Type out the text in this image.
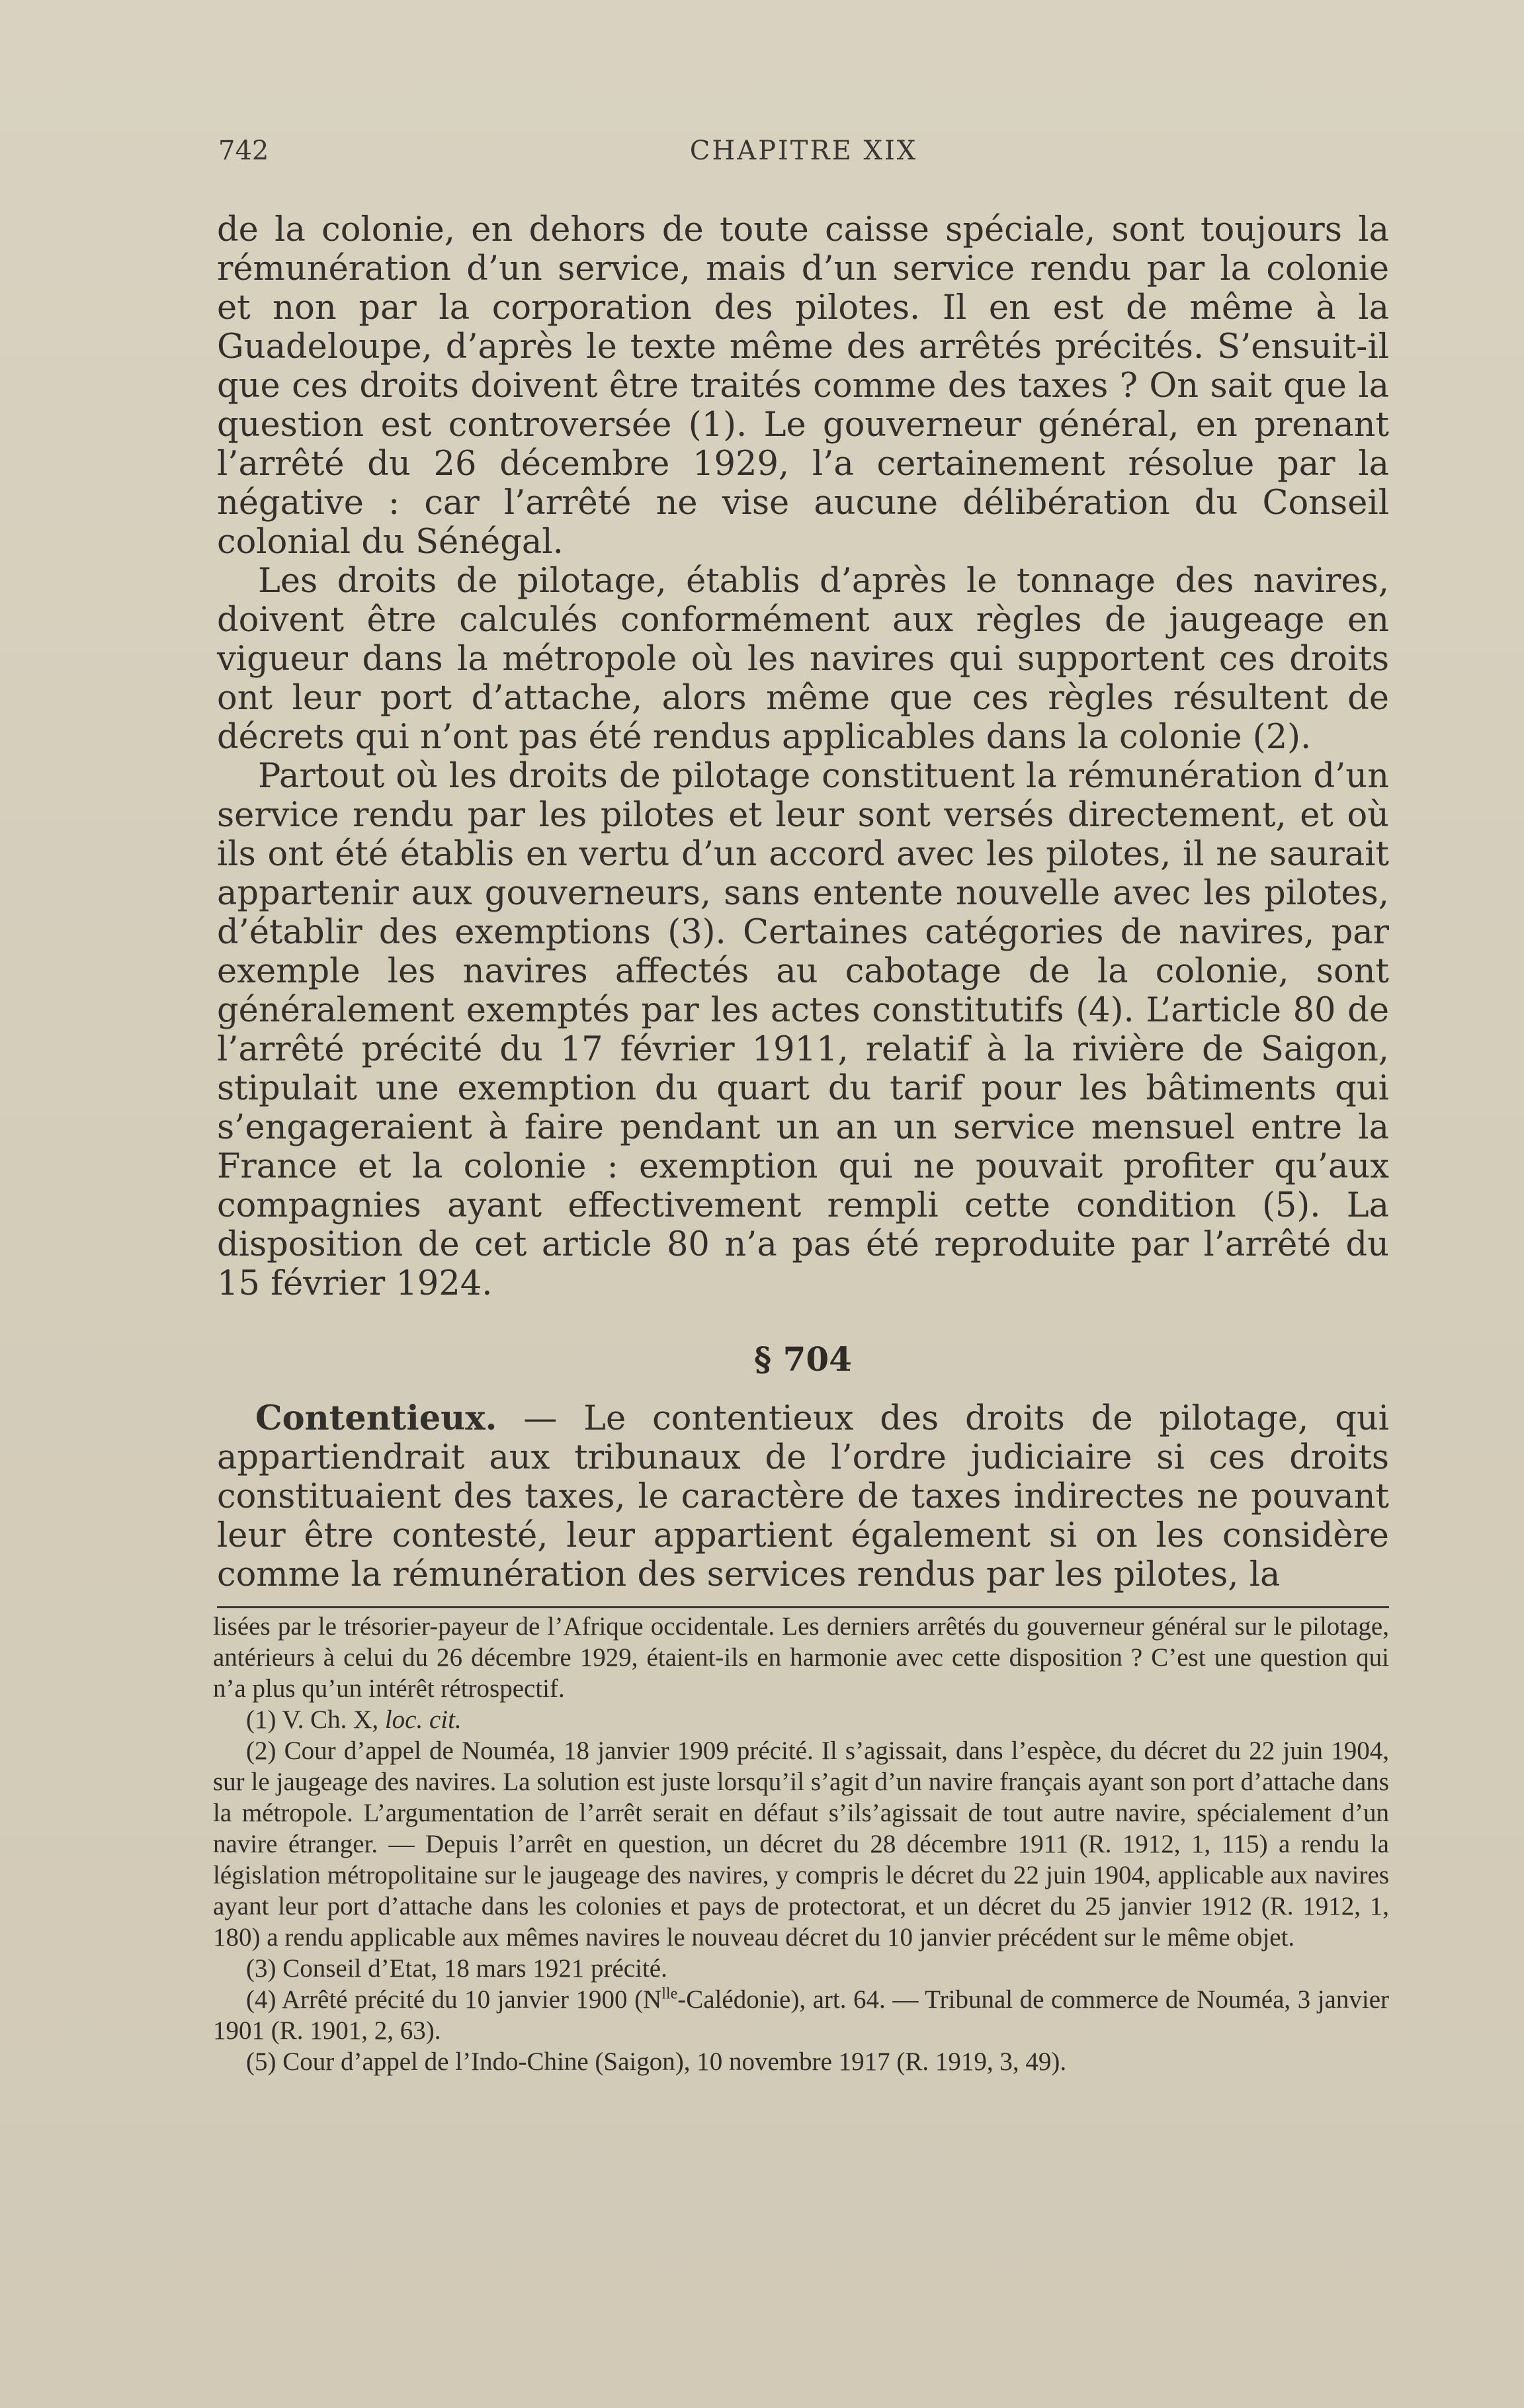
742	CHAPITRE XIX

de la colonie, en dehors de toute caisse spéciale, sont toujours la rémunération d’un service, mais d’un service rendu par la colonie et non par la corporation des pilotes. Il en est de même à la Guadeloupe, d’après le texte même des arrêtés précités. S’ensuit-il que ces droits doivent être traités comme des taxes ? On sait que la question est controversée (1). Le gouverneur général, en prenant l’arrêté du 26 décembre 1929, l’a certainement résolue par la négative : car l’arrêté ne vise aucune délibération du Conseil colonial du Sénégal.

Les droits de pilotage, établis d’après le tonnage des navires, doivent être calculés conformément aux règles de jaugeage en vigueur dans la métropole où les navires qui supportent ces droits ont leur port d’attache, alors même que ces règles résultent de décrets qui n’ont pas été rendus applicables dans la colonie (2).

Partout où les droits de pilotage constituent la rémunération d’un service rendu par les pilotes et leur sont versés directement, et où ils ont été établis en vertu d’un accord avec les pilotes, il ne saurait appartenir aux gouverneurs, sans entente nouvelle avec les pilotes, d’établir des exemptions (3). Certaines catégories de navires, par exemple les navires affectés au cabotage de la colonie, sont généralement exemptés par les actes constitutifs (4). L’article 80 de l’arrêté précité du 17 février 1911, relatif à la rivière de Saigon, stipulait une exemption du quart du tarif pour les bâtiments qui s’engageraient à faire pendant un an un service mensuel entre la France et la colonie : exemption qui ne pouvait profiter qu’aux compagnies ayant effectivement rempli cette condition (5). La disposition de cet article 80 n’a pas été reproduite par l’arrêté du 15 février 1924.

§ 704

Contentieux. — Le contentieux des droits de pilotage, qui appartiendrait aux tribunaux de l’ordre judiciaire si ces droits constituaient des taxes, le caractère de taxes indirectes ne pouvant leur être contesté, leur appartient également si on les considère comme la rémunération des services rendus par les pilotes, la

lisées par le trésorier-payeur de l’Afrique occidentale. Les derniers arrêtés du gouverneur général sur le pilotage, antérieurs à celui du 26 décembre 1929, étaient-ils en harmonie avec cette disposition ? C’est une question qui n’a plus qu’un intérêt rétrospectif.

(1) V. Ch. X, loc. cit.

(2) Cour d’appel de Nouméa, 18 janvier 1909 précité. Il s’agissait, dans l’espèce, du décret du 22 juin 1904, sur le jaugeage des navires. La solution est juste lorsqu’il s’agit d’un navire français ayant son port d’attache dans la métropole. L’argumentation de l’arrêt serait en défaut s’ils’agissait de tout autre navire, spécialement d’un navire étranger. — Depuis l’arrêt en question, un décret du 28 décembre 1911 (R. 1912, 1, 115) a rendu la législation métropolitaine sur le jaugeage des navires, y compris le décret du 22 juin 1904, applicable aux navires ayant leur port d’attache dans les colonies et pays de protectorat, et un décret du 25 janvier 1912 (R. 1912, 1, 180) a rendu applicable aux mêmes navires le nouveau décret du 10 janvier précédent sur le même objet.

(3) Conseil d’Etat, 18 mars 1921 précité.

(4) Arrêté précité du 10 janvier 1900 $(N^{lle}-Calédonie)$, art. 64. — Tribunal de commerce de Nouméa, 3 janvier 1901 (R. 1901, 2, 63).

(5) Cour d’appel de l’Indo-Chine (Saigon), 10 novembre 1917 (R. 1919, 3, 49).
